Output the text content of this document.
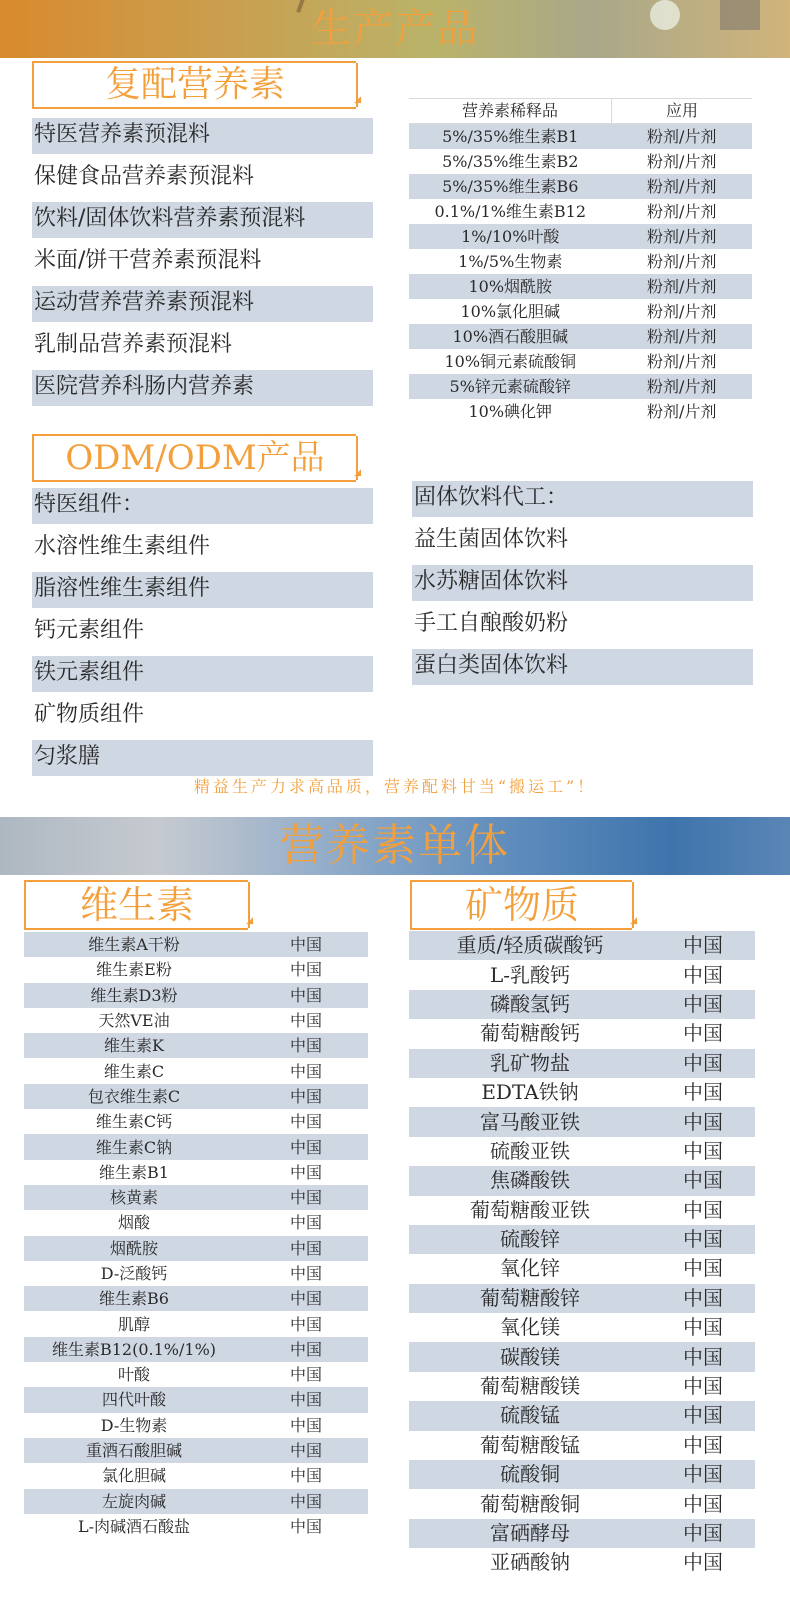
生产产品
◢
复配营养素
特医营养素预混料
保健食品营养素预混料
饮料/固体饮料营养素预混料
米面/饼干营养素预混料
运动营养营养素预混料
乳制品营养素预混料
医院营养科肠内营养素
营养素稀释品	应用
5%/35%维生素B1	粉剂/片剂
5%/35%维生素B2	粉剂/片剂
5%/35%维生素B6	粉剂/片剂
0.1%/1%维生素B12	粉剂/片剂
1%/10%叶酸	粉剂/片剂
1%/5%生物素	粉剂/片剂
10%烟酰胺	粉剂/片剂
10%氯化胆碱	粉剂/片剂
10%酒石酸胆碱	粉剂/片剂
10%铜元素硫酸铜	粉剂/片剂
5%锌元素硫酸锌	粉剂/片剂
10%碘化钾	粉剂/片剂
◢
ODM/ODM产品
特医组件：
水溶性维生素组件
脂溶性维生素组件
钙元素组件
铁元素组件
矿物质组件
匀浆膳
固体饮料代工：
益生菌固体饮料
水苏糖固体饮料
手工自酿酸奶粉
蛋白类固体饮料
精益生产力求高品质，营养配料甘当“搬运工”！
营养素单体
◢
维生素	◢
矿物质
维生素A干粉	中国
维生素E粉	中国
维生素D3粉	中国
天然VE油	中国
维生素K	中国
维生素C	中国
包衣维生素C	中国
维生素C钙	中国
维生素C钠	中国
维生素B1	中国
核黄素	中国
烟酸	中国
烟酰胺	中国
D-泛酸钙	中国
维生素B6	中国
肌醇	中国
维生素B12(0.1%/1%)	中国
叶酸	中国
四代叶酸	中国
D-生物素	中国
重酒石酸胆碱	中国
氯化胆碱	中国
左旋肉碱	中国
L-肉碱酒石酸盐	中国
重质/轻质碳酸钙	中国
L-乳酸钙	中国
磷酸氢钙	中国
葡萄糖酸钙	中国
乳矿物盐	中国
EDTA铁钠	中国
富马酸亚铁	中国
硫酸亚铁	中国
焦磷酸铁	中国
葡萄糖酸亚铁	中国
硫酸锌	中国
氧化锌	中国
葡萄糖酸锌	中国
氧化镁	中国
碳酸镁	中国
葡萄糖酸镁	中国
硫酸锰	中国
葡萄糖酸锰	中国
硫酸铜	中国
葡萄糖酸铜	中国
富硒酵母	中国
亚硒酸钠	中国
